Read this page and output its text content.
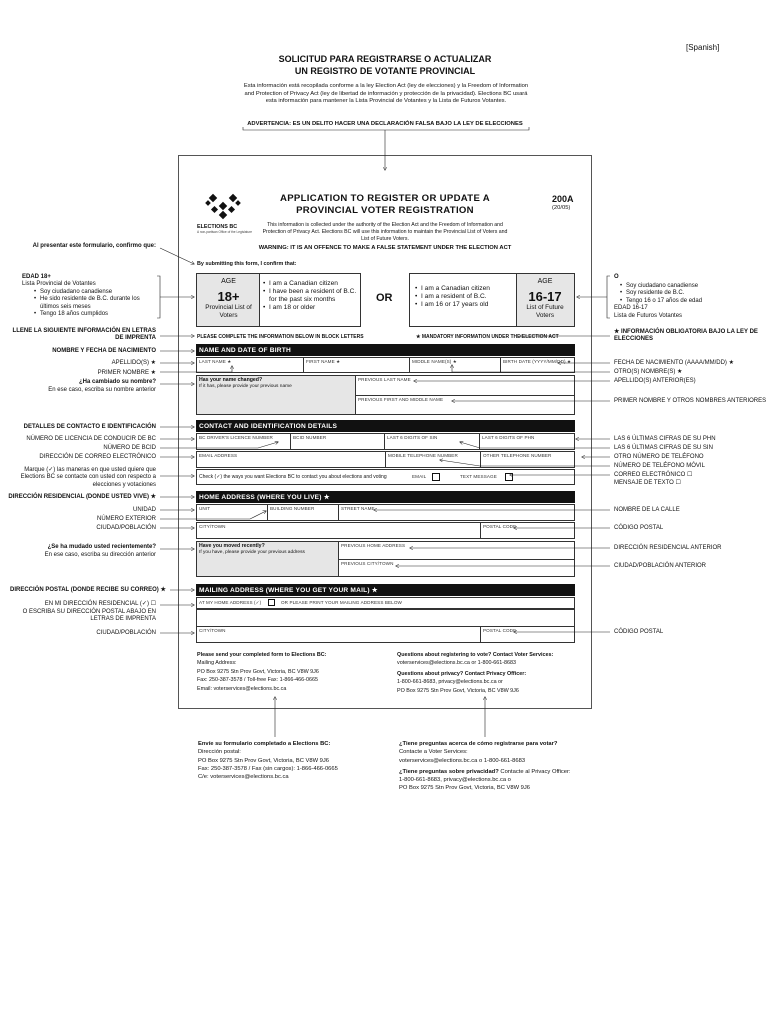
[Spanish]
SOLICITUD PARA REGISTRARSE O ACTUALIZAR
UN REGISTRO DE VOTANTE PROVINCIAL
Esta información está recopilada conforme a la ley Election Act (ley de elecciones) y la Freedom of Information and Protection of Privacy Act (ley de libertad de información y protección de la privacidad). Elections BC usará esta información para mantener la Lista Provincial de Votantes y la Lista de Futuros Votantes.
ADVERTENCIA: ES UN DELITO HACER UNA DECLARACIÓN FALSA BAJO LA LEY DE ELECCIONES
ELECTIONS BC
A non-partisan Office of the Legislature
APPLICATION TO REGISTER OR UPDATE A
PROVINCIAL VOTER REGISTRATION
200A
(20/05)
This information is collected under the authority of the Election Act and the Freedom of Information and Protection of Privacy Act. Elections BC will use this information to maintain the Provincial List of Voters and List of Future Voters.
WARNING: IT IS AN OFFENCE TO MAKE A FALSE STATEMENT UNDER THE ELECTION ACT
By submitting this form, I confirm that:
AGE
18+
Provincial List of Voters
• I am a Canadian citizen
• I have been a resident of B.C. for the past six months
• I am 18 or older
OR
• I am a Canadian citizen
• I am a resident of B.C.
• I am 16 or 17 years old
AGE
16-17
List of Future Voters
PLEASE COMPLETE THE INFORMATION BELOW IN BLOCK LETTERS	★ MANDATORY INFORMATION UNDER THE ELECTION ACT
NAME AND DATE OF BIRTH
LAST NAME ★	FIRST NAME ★	MIDDLE NAME(S) ★	BIRTH DATE (YYYY/MM/DD) ★
Has your name changed?
If it has, please provide your previous name
PREVIOUS LAST NAME
PREVIOUS FIRST AND MIDDLE NAME
CONTACT AND IDENTIFICATION DETAILS
BC DRIVER'S LICENCE NUMBER	BCID NUMBER	LAST 6 DIGITS OF SIN	LAST 6 DIGITS OF PHN
EMAIL ADDRESS	MOBILE TELEPHONE NUMBER	OTHER TELEPHONE NUMBER
Check (✓) the ways you want Elections BC to contact you about elections and voting	EMAIL	TEXT MESSAGE
HOME ADDRESS (WHERE YOU LIVE) ★
UNIT	BUILDING NUMBER	STREET NAME
CITY/TOWN	POSTAL CODE
Have you moved recently?
If you have, please provide your previous address
PREVIOUS HOME ADDRESS
PREVIOUS CITY/TOWN
MAILING ADDRESS (WHERE YOU GET YOUR MAIL) ★
AT MY HOME ADDRESS (✓)	OR PLEASE PRINT YOUR MAILING ADDRESS BELOW
CITY/TOWN	POSTAL CODE
Please send your completed form to Elections BC:
Mailing Address:
PO Box 9275 Stn Prov Govt, Victoria, BC V8W 9J6
Fax: 250-387-3578 / Toll-free Fax: 1-866-466-0665
Email: voterservices@elections.bc.ca
Questions about registering to vote? Contact Voter Services:
voterservices@elections.bc.ca or 1-800-661-8683
Questions about privacy? Contact Privacy Officer:
1-800-661-8683, privacy@elections.bc.ca or
PO Box 9275 Stn Prov Govt, Victoria, BC V8W 9J6
Al presentar este formulario, confirmo que:
EDAD 18+
Lista Provincial de Votantes
• Soy ciudadano canadiense
• He sido residente de B.C. durante los últimos seis meses
• Tengo 18 años cumplidos
LLENE LA SIGUIENTE INFORMACIÓN EN LETRAS DE IMPRENTA
NOMBRE Y FECHA DE NACIMIENTO
APELLIDO(S) ★
PRIMER NOMBRE ★
¿Ha cambiado su nombre?
En ese caso, escriba su nombre anterior
DETALLES DE CONTACTO E IDENTIFICACIÓN
NÚMERO DE LICENCIA DE CONDUCIR DE BC
NÚMERO DE BCID
DIRECCIÓN DE CORREO ELECTRÓNICO
Marque (✓) las maneras en que usted quiere que Elections BC se contacte con usted con respecto a elecciones y votaciones
DIRECCIÓN RESIDENCIAL (DONDE USTED VIVE) ★
UNIDAD
NÚMERO EXTERIOR
CIUDAD/POBLACIÓN
¿Se ha mudado usted recientemente?
En ese caso, escriba su dirección anterior
DIRECCIÓN POSTAL (DONDE RECIBE SU CORREO) ★
EN MI DIRECCIÓN RESIDENCIAL (✓) ☐
O ESCRIBA SU DIRECCIÓN POSTAL ABAJO EN LETRAS DE IMPRENTA
CIUDAD/POBLACIÓN
O
• Soy ciudadano canadiense
• Soy residente de B.C.
• Tengo 16 o 17 años de edad
EDAD 16-17
Lista de Futuros Votantes
★ INFORMACIÓN OBLIGATORIA BAJO LA LEY DE ELECCIONES
FECHA DE NACIMIENTO (AAAA/MM/DD) ★
OTRO(S) NOMBRE(S) ★
APELLIDO(S) ANTERIOR(ES)
PRIMER NOMBRE Y OTROS NOMBRES ANTERIORES
LAS 6 ÚLTIMAS CIFRAS DE SU PHN
LAS 6 ÚLTIMAS CIFRAS DE SU SIN
OTRO NÚMERO DE TELÉFONO
NÚMERO DE TELÉFONO MÓVIL
CORREO ELECTRÓNICO ☐
MENSAJE DE TEXTO ☐
NOMBRE DE LA CALLE
CÓDIGO POSTAL
DIRECCIÓN RESIDENCIAL ANTERIOR
CIUDAD/POBLACIÓN ANTERIOR
CÓDIGO POSTAL
Envíe su formulario completado a Elections BC:
Dirección postal:
PO Box 9275 Stn Prov Govt, Victoria, BC V8W 9J6
Fax: 250-387-3578 / Fax (sin cargos): 1-866-466-0665
C/e: voterservices@elections.bc.ca
¿Tiene preguntas acerca de cómo registrarse para votar?
Contacte a Voter Services:
voterservices@elections.bc.ca o 1-800-661-8683
¿Tiene preguntas sobre privacidad? Contacte al Privacy Officer:
1-800-661-8683, privacy@elections.bc.ca o
PO Box 9275 Stn Prov Govt, Victoria, BC V8W 9J6
